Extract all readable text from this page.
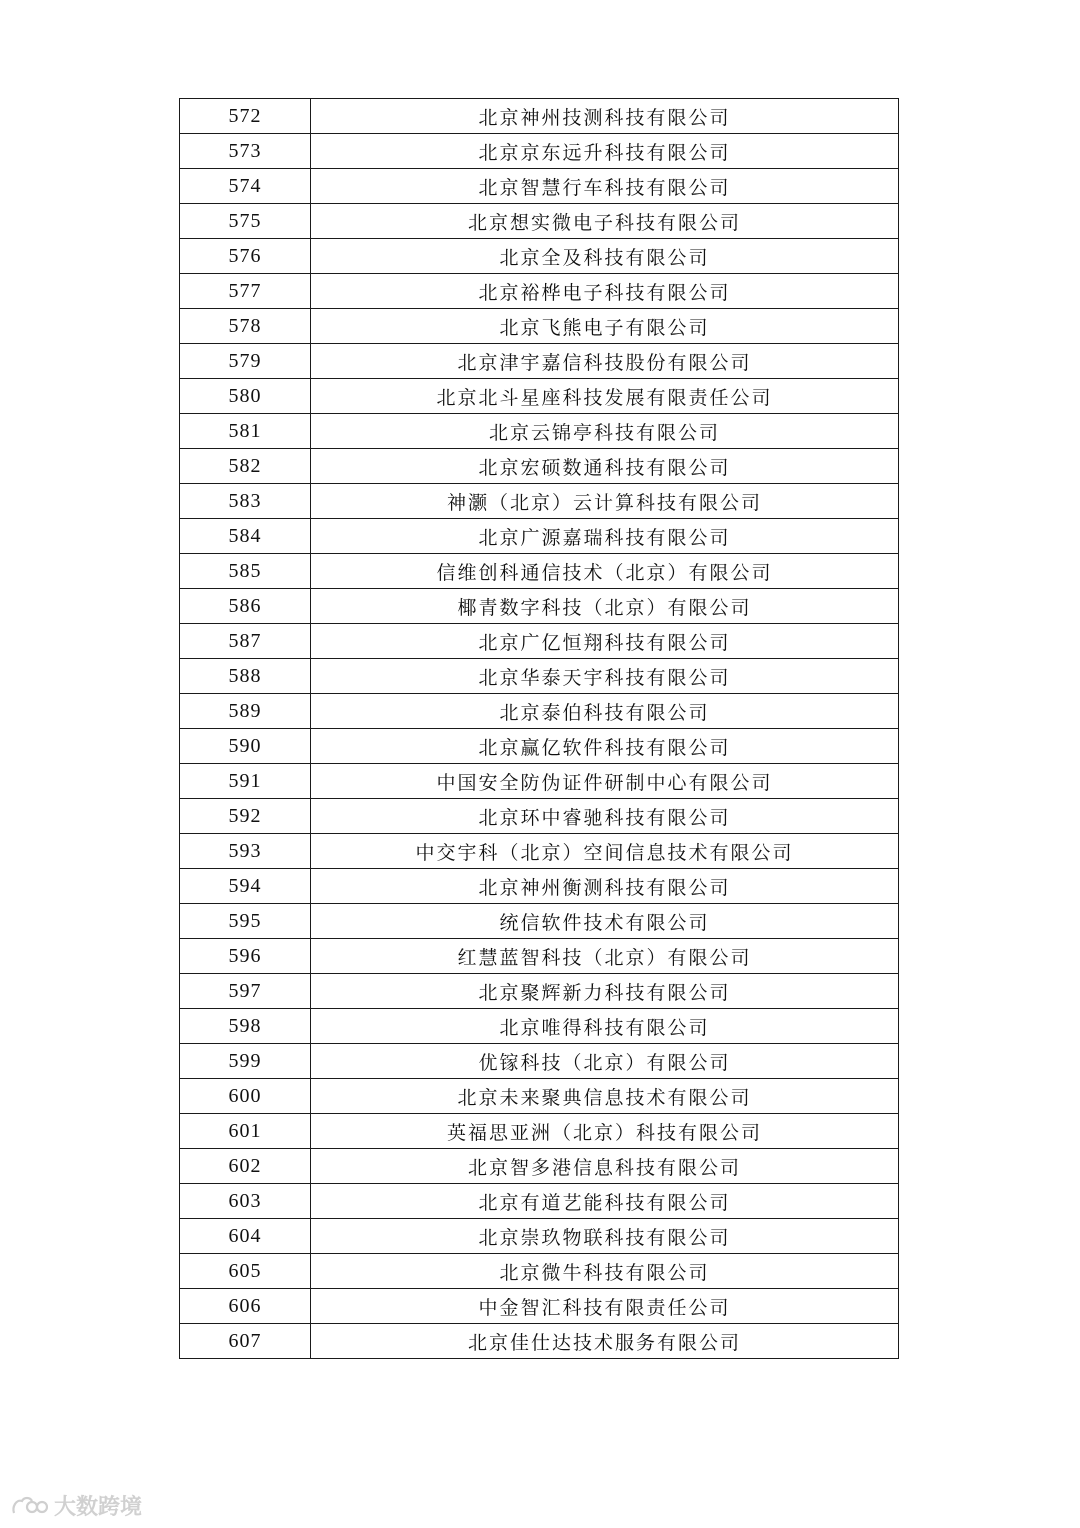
572	北京神州技测科技有限公司
573	北京京东远升科技有限公司
574	北京智慧行车科技有限公司
575	北京想实微电子科技有限公司
576	北京全及科技有限公司
577	北京裕桦电子科技有限公司
578	北京飞熊电子有限公司
579	北京津宇嘉信科技股份有限公司
580	北京北斗星座科技发展有限责任公司
581	北京云锦亭科技有限公司
582	北京宏硕数通科技有限公司
583	神灏（北京）云计算科技有限公司
584	北京广源嘉瑞科技有限公司
585	信维创科通信技术（北京）有限公司
586	椰青数字科技（北京）有限公司
587	北京广亿恒翔科技有限公司
588	北京华泰天宇科技有限公司
589	北京泰伯科技有限公司
590	北京赢亿软件科技有限公司
591	中国安全防伪证件研制中心有限公司
592	北京环中睿驰科技有限公司
593	中交宇科（北京）空间信息技术有限公司
594	北京神州衡测科技有限公司
595	统信软件技术有限公司
596	红慧蓝智科技（北京）有限公司
597	北京聚辉新力科技有限公司
598	北京唯得科技有限公司
599	优镓科技（北京）有限公司
600	北京未来聚典信息技术有限公司
601	英福思亚洲（北京）科技有限公司
602	北京智多港信息科技有限公司
603	北京有道艺能科技有限公司
604	北京崇玖物联科技有限公司
605	北京微牛科技有限公司
606	中金智汇科技有限责任公司
607	北京佳仕达技术服务有限公司
大数跨境
